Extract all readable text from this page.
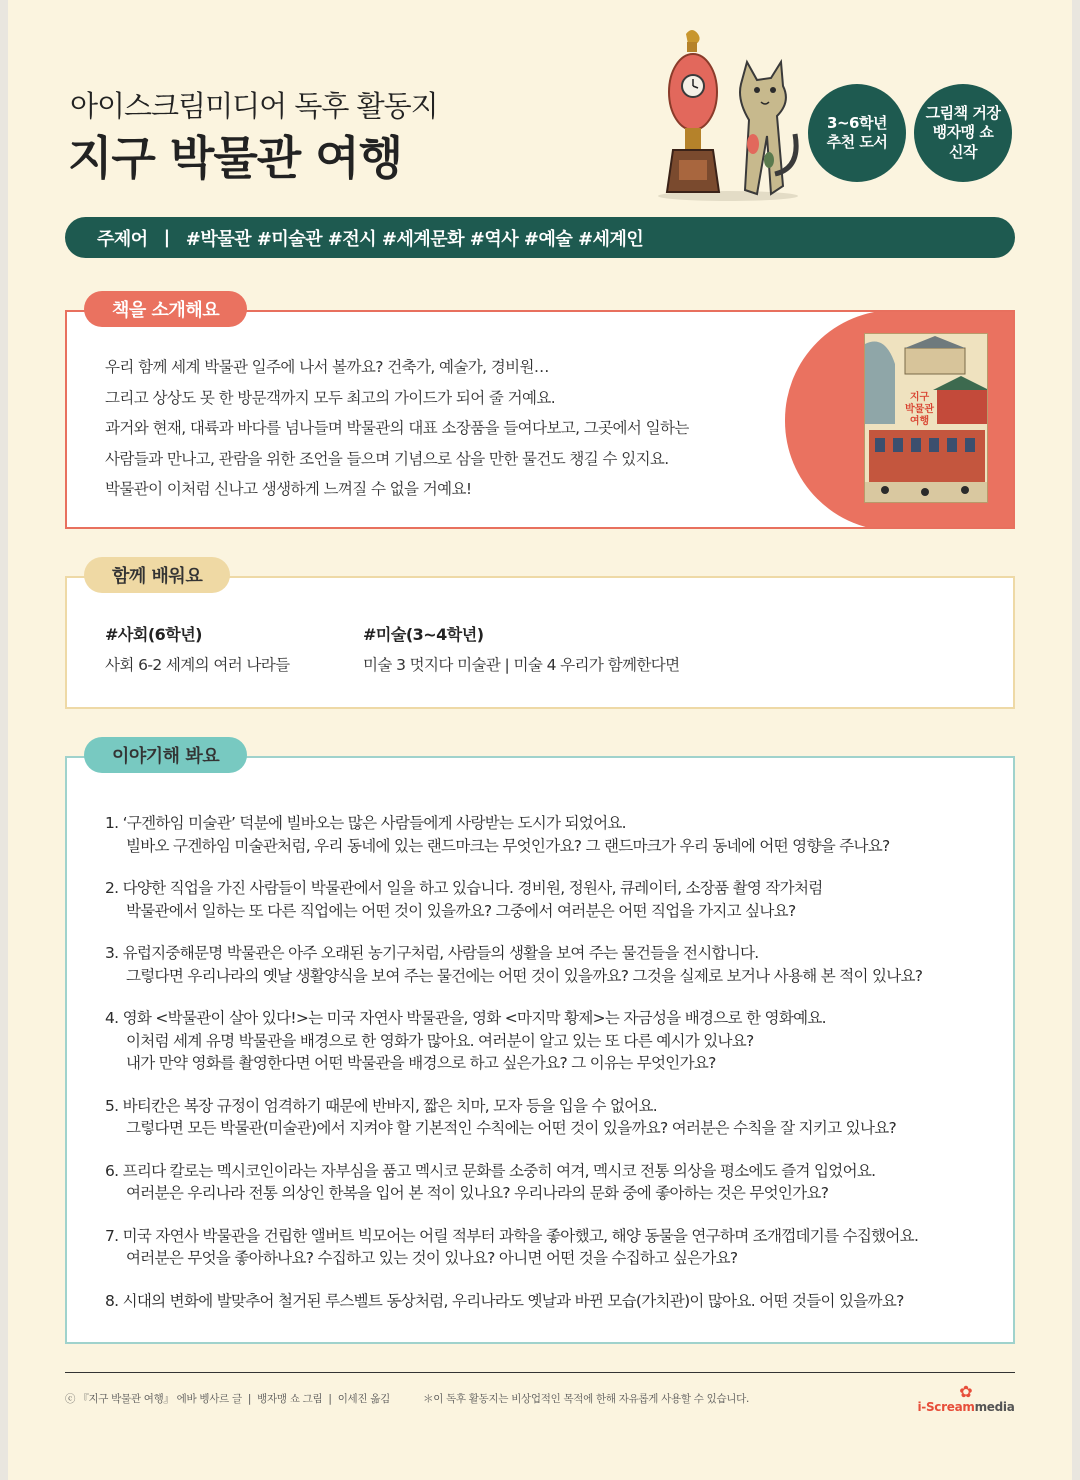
아이스크림미디어 독후 활동지
지구 박물관 여행
3~6학년
추천 도서
그림책 거장
뱅자맹 쇼
신작
주제어 | #박물관 #미술관 #전시 #세계문화 #역사 #예술 #세계인

우리 함께 세계 박물관 일주에 나서 볼까요? 건축가, 예술가, 경비원…

그리고 상상도 못 한 방문객까지 모두 최고의 가이드가 되어 줄 거예요.

과거와 현재, 대륙과 바다를 넘나들며 박물관의 대표 소장품을 들여다보고, 그곳에서 일하는

사람들과 만나고, 관람을 위한 조언을 들으며 기념으로 삼을 만한 물건도 챙길 수 있지요.

박물관이 이처럼 신나고 생생하게 느껴질 수 없을 거예요!

책을 소개해요
지구
박물관
여행
#사회(6학년)
사회 6-2 세계의 여러 나라들
#미술(3~4학년)
미술 3 멋지다 미술관 | 미술 4 우리가 함께한다면
함께 배워요

1. ‘구겐하임 미술관’ 덕분에 빌바오는 많은 사람들에게 사랑받는 도시가 되었어요.

빌바오 구겐하임 미술관처럼, 우리 동네에 있는 랜드마크는 무엇인가요? 그 랜드마크가 우리 동네에 어떤 영향을 주나요?

2. 다양한 직업을 가진 사람들이 박물관에서 일을 하고 있습니다. 경비원, 정원사, 큐레이터, 소장품 촬영 작가처럼

박물관에서 일하는 또 다른 직업에는 어떤 것이 있을까요? 그중에서 여러분은 어떤 직업을 가지고 싶나요?

3. 유럽지중해문명 박물관은 아주 오래된 농기구처럼, 사람들의 생활을 보여 주는 물건들을 전시합니다.

그렇다면 우리나라의 옛날 생활양식을 보여 주는 물건에는 어떤 것이 있을까요? 그것을 실제로 보거나 사용해 본 적이 있나요?

4. 영화 <박물관이 살아 있다!>는 미국 자연사 박물관을, 영화 <마지막 황제>는 자금성을 배경으로 한 영화예요.

이처럼 세계 유명 박물관을 배경으로 한 영화가 많아요. 여러분이 알고 있는 또 다른 예시가 있나요?

내가 만약 영화를 촬영한다면 어떤 박물관을 배경으로 하고 싶은가요? 그 이유는 무엇인가요?

5. 바티칸은 복장 규정이 엄격하기 때문에 반바지, 짧은 치마, 모자 등을 입을 수 없어요.

그렇다면 모든 박물관(미술관)에서 지켜야 할 기본적인 수칙에는 어떤 것이 있을까요? 여러분은 수칙을 잘 지키고 있나요?

6. 프리다 칼로는 멕시코인이라는 자부심을 품고 멕시코 문화를 소중히 여겨, 멕시코 전통 의상을 평소에도 즐겨 입었어요.

여러분은 우리나라 전통 의상인 한복을 입어 본 적이 있나요? 우리나라의 문화 중에 좋아하는 것은 무엇인가요?

7. 미국 자연사 박물관을 건립한 앨버트 빅모어는 어릴 적부터 과학을 좋아했고, 해양 동물을 연구하며 조개껍데기를 수집했어요.

여러분은 무엇을 좋아하나요? 수집하고 있는 것이 있나요? 아니면 어떤 것을 수집하고 싶은가요?

8. 시대의 변화에 발맞추어 철거된 루스벨트 동상처럼, 우리나라도 옛날과 바뀐 모습(가치관)이 많아요. 어떤 것들이 있을까요?

이야기해 봐요
ⓒ 『지구 박물관 여행』 에바 벵사르 글  |  뱅자맹 쇼 그림  |  이세진 옮김	＊이 독후 활동지는 비상업적인 목적에 한해 자유롭게 사용할 수 있습니다.	✿
i-Screammedia
